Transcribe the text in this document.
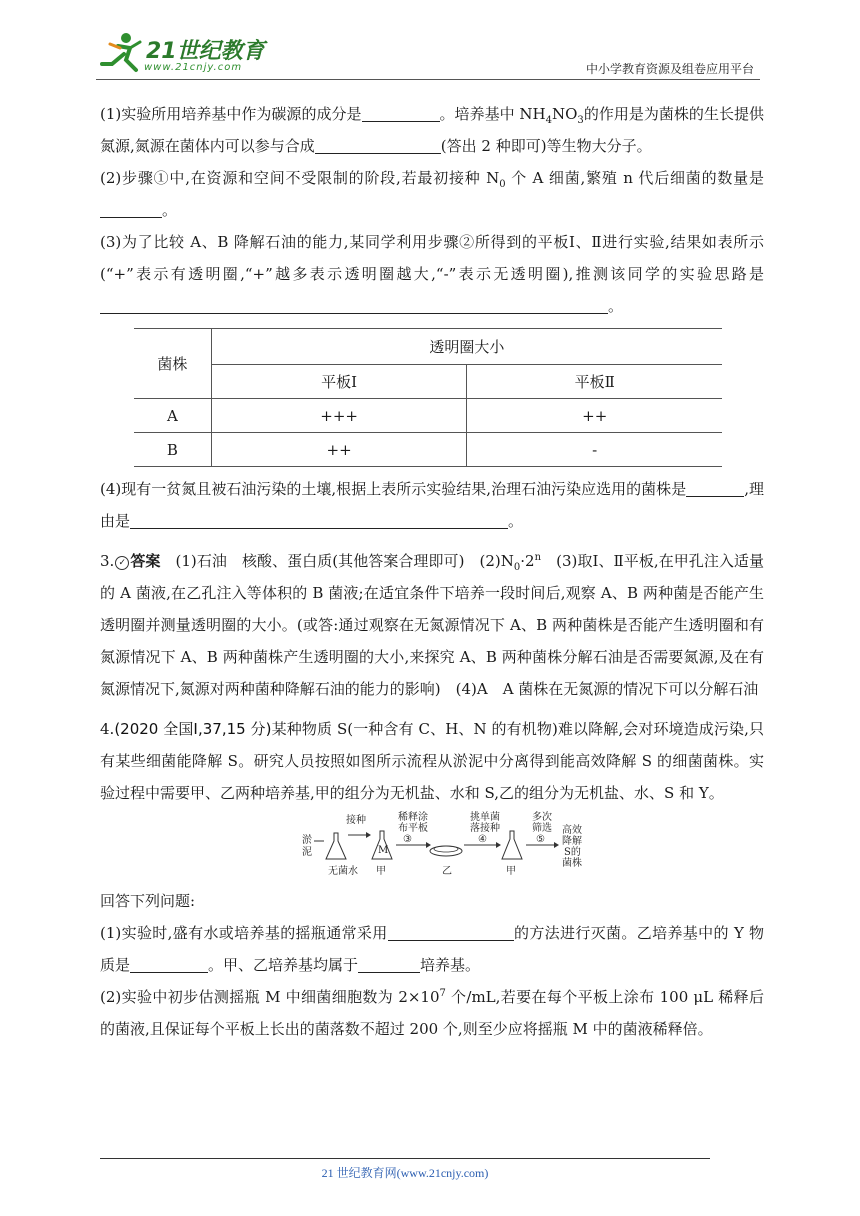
21世纪教育
www.21cnjy.com	中小学教育资源及组卷应用平台

(1)实验所用培养基中作为碳源的成分是	。培养基中 $NH_4NO_3$的作用是为菌株的生长提供氮源,氮源在菌体内可以参与合成	(答出 2 种即可)等生物大分子。

(2)步骤①中,在资源和空间不受限制的阶段,若最初接种 $N_0$ 个 A 细菌,繁殖 n 代后细菌的数量是。

(3)为了比较 A、B 降解石油的能力,某同学利用步骤②所得到的平板Ⅰ、Ⅱ进行实验,结果如表所示(“+”表示有透明圈,“+”越多表示透明圈越大,“-”表示无透明圈),推测该同学的实验思路是。

菌株	透明圈大小	
	平板Ⅰ	平板Ⅱ
A	+++	++
B	++	-

(4)现有一贫氮且被石油污染的土壤,根据上表所示实验结果,治理石油污染应选用的菌株是	,理由是	。

3. ✓ 答案　 (1)石油　核酸、蛋白质(其他答案合理即可)　$(2)N_0\cdot 2^n$　 (3)取Ⅰ、Ⅱ平板,在甲孔注入适量的 A 菌液,在乙孔注入等体积的 B 菌液;在适宜条件下培养一段时间后,观察 A、B 两种菌是否能产生透明圈并测量透明圈的大小。(或答:通过观察在无氮源情况下 A、B 两种菌株是否能产生透明圈和有氮源情况下 A、B 两种菌株产生透明圈的大小,来探究 A、B 两种菌株分解石油是否需要氮源,及在有氮源情况下,氮源对两种菌种降解石油的能力的影响)　(4)A　A 菌株在无氮源的情况下可以分解石油

4.(2020 全国Ⅰ,37,15 分)某种物质 S(一种含有 C、H、N 的有机物)难以降解,会对环境造成污染,只有某些细菌能降解 S。研究人员按照如图所示流程从淤泥中分离得到能高效降解 S 的细菌菌株。实验过程中需要甲、乙两种培养基,甲的组分为无机盐、水和 S,乙的组分为无机盐、水、S 和 Y。

淤
泥
无菌水
接种
M
甲
稀释涂
布平板
③
乙
挑单菌
落接种
④
甲
多次
筛选
⑤
高效
降解
S的
菌株

回答下列问题:

(1)实验时,盛有水或培养基的摇瓶通常采用	的方法进行灭菌。乙培养基中的 Y 物质是	。甲、乙培养基均属于	培养基。

(2)实验中初步估测摇瓶 M 中细菌细胞数为 $2\times 10^7$ 个/mL,若要在每个平板上涂布 100 μL 稀释后的菌液,且保证每个平板上长出的菌落数不超过 200 个,则至少应将摇瓶 M 中的菌液稀释倍。

21 世纪教育网(www.21cnjy.com)
